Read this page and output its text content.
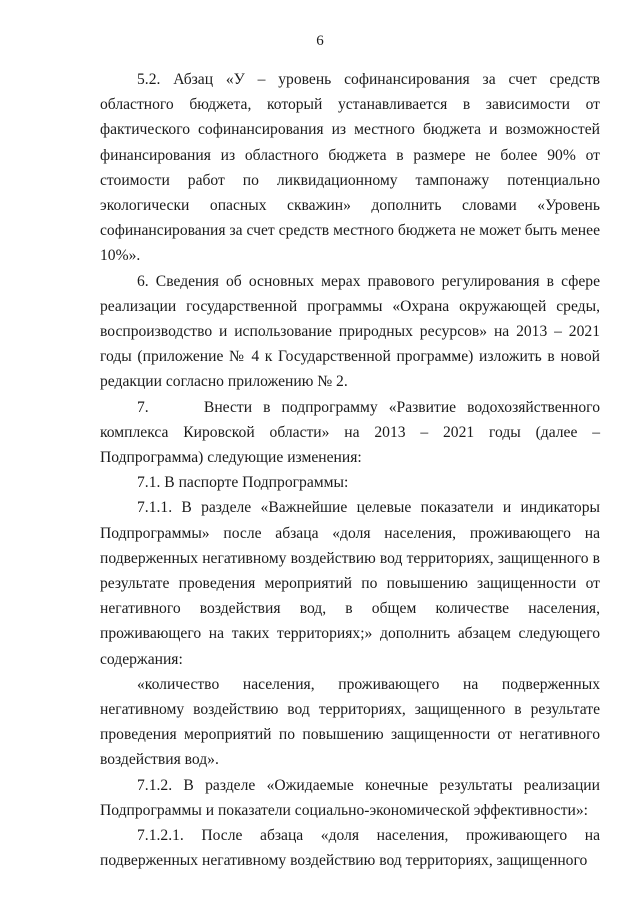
6

5.2. Абзац «У – уровень софинансирования за счет средств областного бюджета, который устанавливается в зависимости от фактического софинансирования из местного бюджета и возможностей финансирования из областного бюджета в размере не более 90% от стоимости работ по ликвидационному тампонажу потенциально экологически опасных скважин» дополнить словами «Уровень софинансирования за счет средств местного бюджета не может быть менее 10%».

6. Сведения об основных мерах правового регулирования в сфере реализации государственной программы «Охрана окружающей среды, воспроизводство и использование природных ресурсов» на 2013 – 2021 годы (приложение № 4 к Государственной программе) изложить в новой редакции согласно приложению № 2.

7.     Внести в подпрограмму «Развитие водохозяйственного комплекса Кировской области» на 2013 – 2021 годы (далее – Подпрограмма) следующие изменения:

7.1. В паспорте Подпрограммы:

7.1.1. В разделе «Важнейшие целевые показатели и индикаторы Подпрограммы» после абзаца «доля населения, проживающего на подверженных негативному воздействию вод территориях, защищенного в результате проведения мероприятий по повышению защищенности от негативного воздействия вод, в общем количестве населения, проживающего на таких территориях;» дополнить абзацем следующего содержания:

«количество населения, проживающего на подверженных негативному воздействию вод территориях, защищенного в результате проведения мероприятий по повышению защищенности от негативного воздействия вод».

7.1.2. В разделе «Ожидаемые конечные результаты реализации Подпрограммы и показатели социально-экономической эффективности»:

7.1.2.1. После абзаца «доля населения, проживающего на подверженных негативному воздействию вод территориях, защищенного
